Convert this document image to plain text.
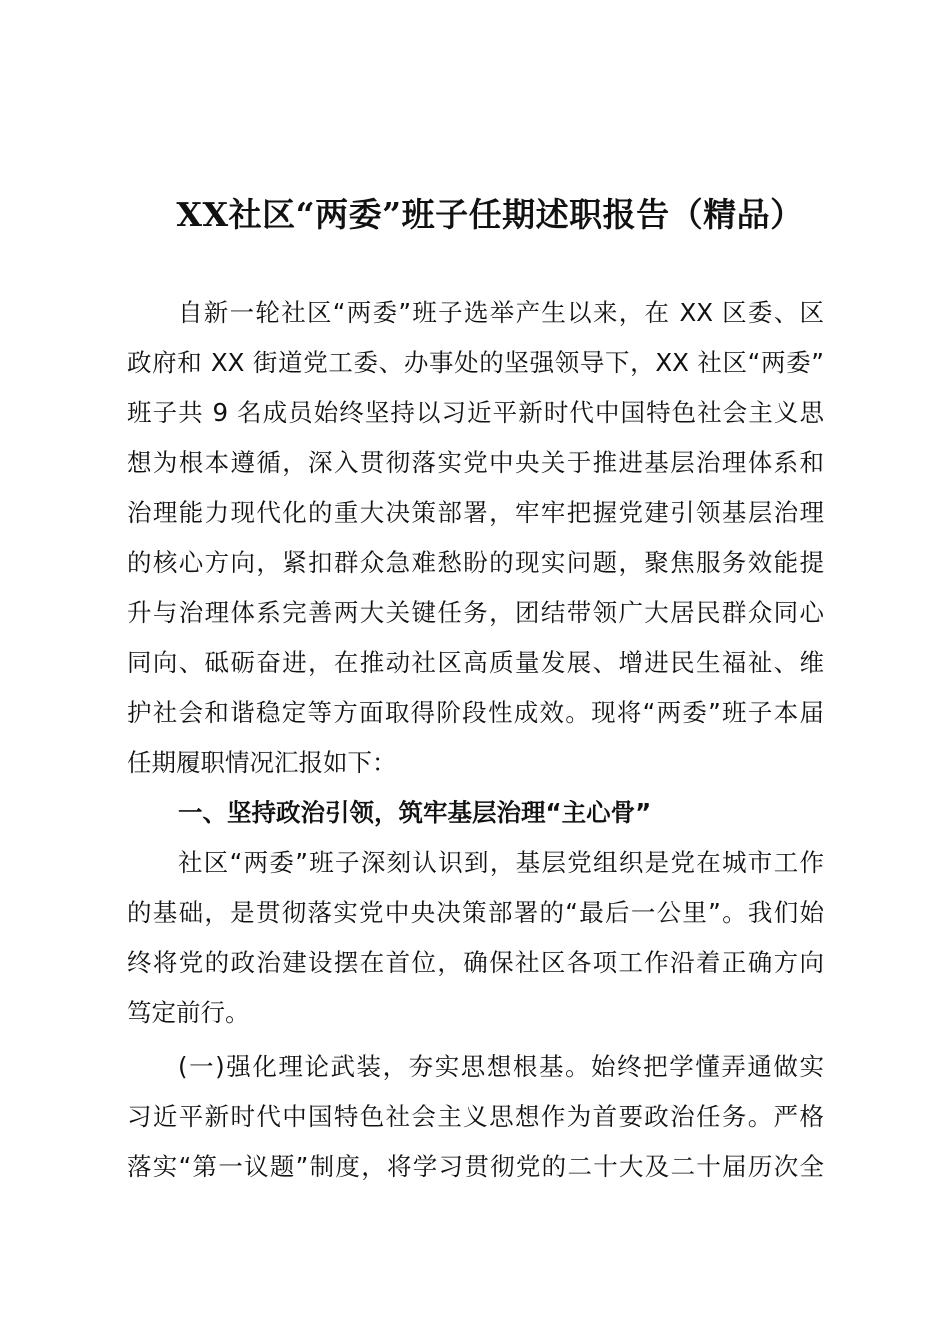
XX社区“两委”班子任期述职报告（精品）
自新一轮社区“两委”班子选举产生以来，在 XX 区委、区
政府和 XX 街道党工委、办事处的坚强领导下，XX 社区“两委”
班子共 9 名成员始终坚持以习近平新时代中国特色社会主义思
想为根本遵循，深入贯彻落实党中央关于推进基层治理体系和
治理能力现代化的重大决策部署，牢牢把握党建引领基层治理
的核心方向，紧扣群众急难愁盼的现实问题，聚焦服务效能提
升与治理体系完善两大关键任务，团结带领广大居民群众同心
同向、砥砺奋进，在推动社区高质量发展、增进民生福祉、维
护社会和谐稳定等方面取得阶段性成效。现将“两委”班子本届
任期履职情况汇报如下：
一、坚持政治引领，筑牢基层治理“主心骨”
社区“两委”班子深刻认识到，基层党组织是党在城市工作
的基础，是贯彻落实党中央决策部署的“最后一公里”。我们始
终将党的政治建设摆在首位，确保社区各项工作沿着正确方向
笃定前行。
(一)强化理论武装，夯实思想根基。始终把学懂弄通做实
习近平新时代中国特色社会主义思想作为首要政治任务。严格
落实“第一议题”制度，将学习贯彻党的二十大及二十届历次全
